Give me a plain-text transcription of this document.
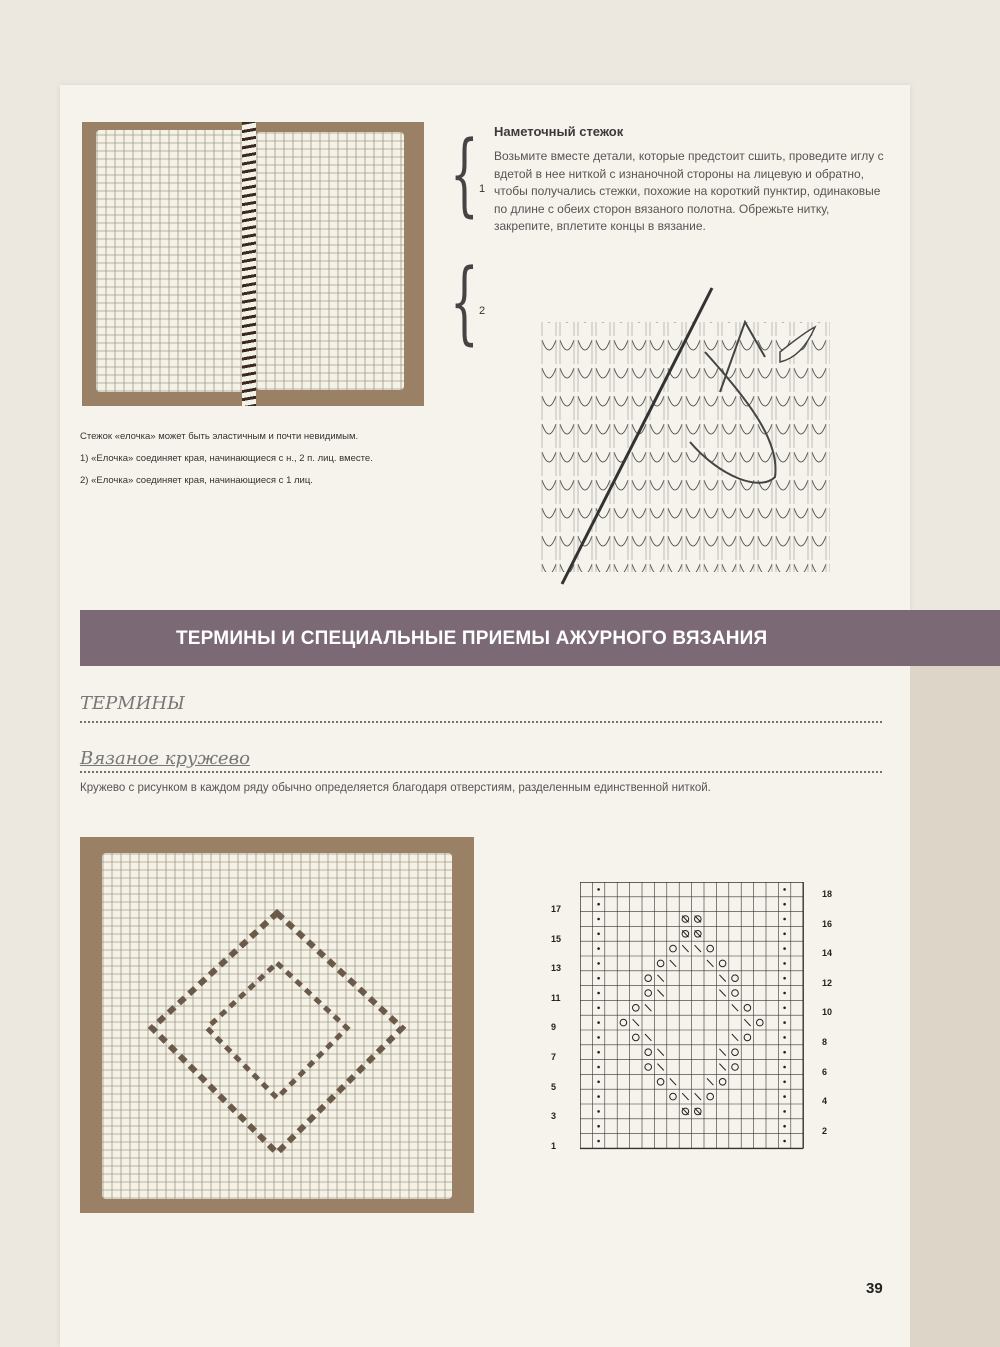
Стежок «елочка» может быть эластичным и почти невидимым.
1) «Елочка» соединяет края, начинающиеся с н., 2 п. лиц. вместе.
2) «Елочка» соединяет края, начинающиеся с 1 лиц.
{ 1
{ 2
Наметочный стежок
Возьмите вместе детали, которые предстоит сшить, проведите иглу с вдетой в нее ниткой с изнаночной стороны на лицевую и обратно, чтобы получались стежки, похожие на короткий пунктир, одинаковые по длине с обеих сторон вязаного полотна. Обрежьте нитку, закрепите, вплетите концы в вязание.
ТЕРМИНЫ И СПЕЦИАЛЬНЫЕ ПРИЕМЫ АЖУРНОГО ВЯЗАНИЯ
ТЕРМИНЫ
Вязаное кружево
Кружево с рисунком в каждом ряду обычно определяется благодаря отверстиям, разделенным единственной ниткой.
17
15
13
11
9
7
5
3
1
18
16
14
12
10
8
6
4
2
39
